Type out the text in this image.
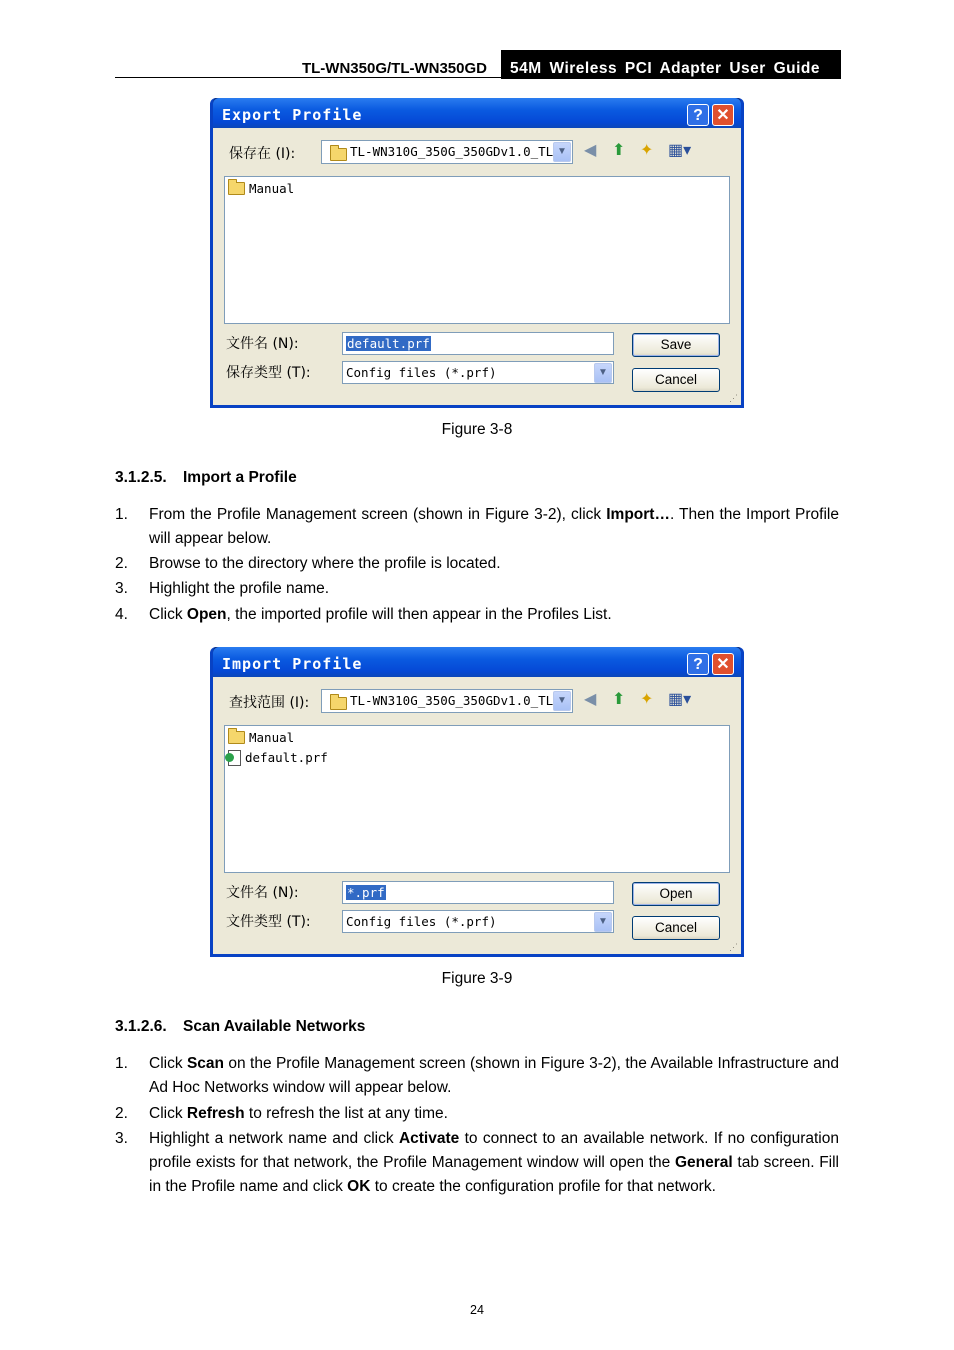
TL-WN350G/TL-WN350GD	54M Wireless PCI Adapter User Guide
Export Profile	? ✕
保存在 (I):	TL-WN310G_350G_350GDv1.0_TL ▼ ◀ ⬆ ✦ ▦▾
Manual
文件名 (N):	default.prf
保存类型 (T):	Config files (*.prf)	▼
Save
Cancel
⋰
Figure 3-8
3.1.2.5. Import a Profile
1. From the Profile Management screen (shown in Figure 3-2), click Import…. Then the Import Profile will appear below.
2. Browse to the directory where the profile is located.
3. Highlight the profile name.
4. Click Open, the imported profile will then appear in the Profiles List.
Import Profile	? ✕
查找范围 (I):	TL-WN310G_350G_350GDv1.0_TL ▼ ◀ ⬆ ✦ ▦▾
Manual
default.prf
文件名 (N):	*.prf
文件类型 (T):	Config files (*.prf)	▼
Open
Cancel
⋰
Figure 3-9
3.1.2.6. Scan Available Networks
1. Click Scan on the Profile Management screen (shown in Figure 3-2), the Available Infrastructure and Ad Hoc Networks window will appear below.
2. Click Refresh to refresh the list at any time.
3. Highlight a network name and click Activate to connect to an available network. If no configuration profile exists for that network, the Profile Management window will open the General tab screen. Fill in the Profile name and click OK to create the configuration profile for that network.
24
